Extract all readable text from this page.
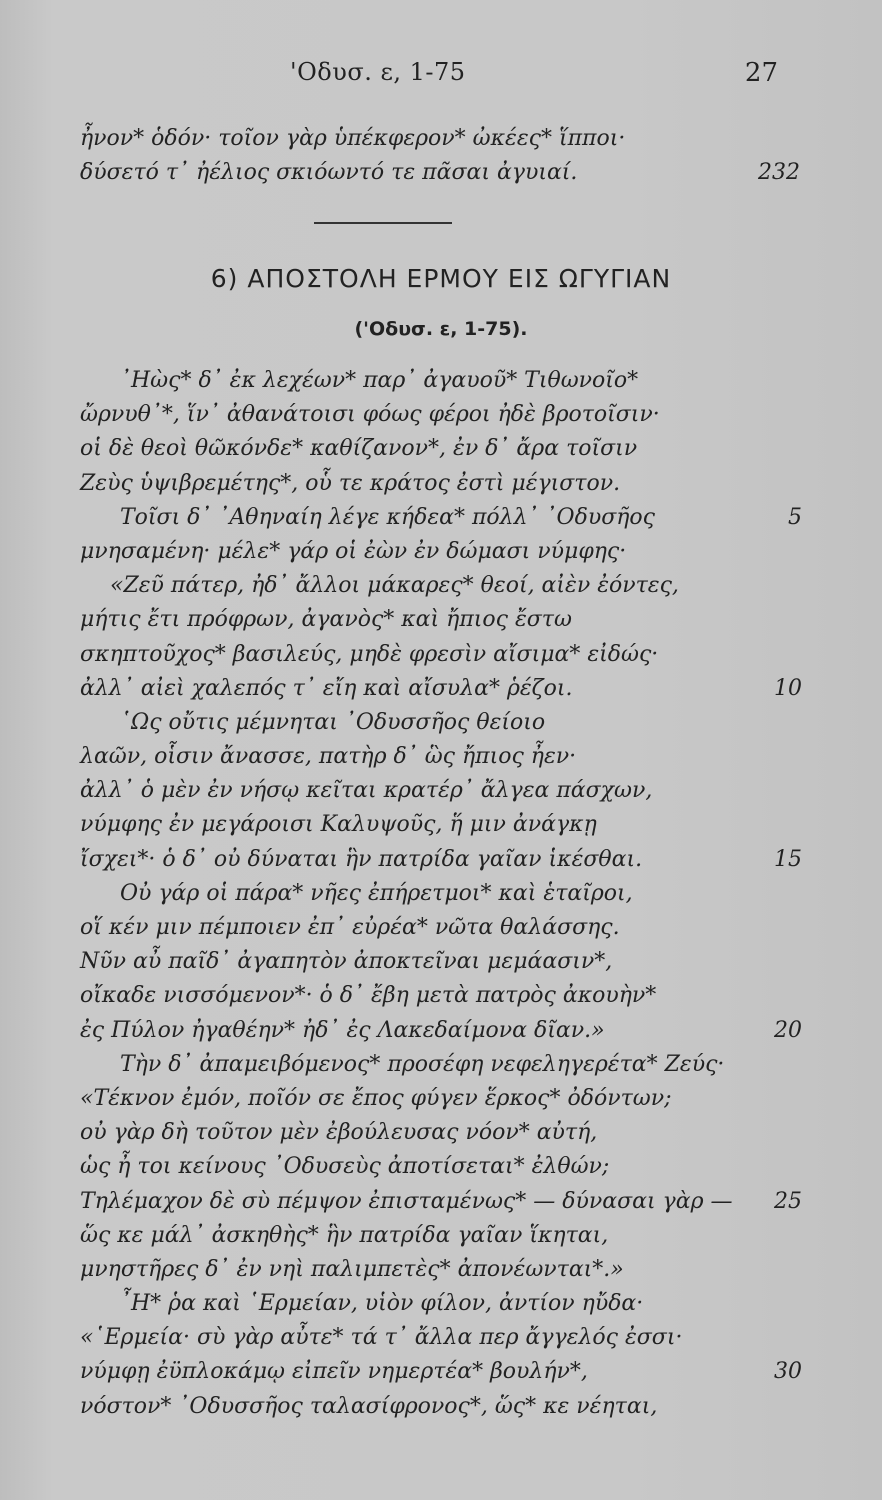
'Οδυσ. ε, 1-75	27
ἦνον* ὁδόν· τοῖον γὰρ ὑπέκφερον* ὠκέες* ἵπποι·
δύσετό τ᾿ ἠέλιος σκιόωντό τε πᾶσαι ἀγυιαί.	232
6) ΑΠΟΣΤΟΛΗ ΕΡΜΟΥ ΕΙΣ ΩΓΥΓΙΑΝ
('Οδυσ. ε, 1-75).
᾿Ηὼς* δ᾿ ἐκ λεχέων* παρ᾿ ἀγαυοῦ* Τιθωνοῖο*
ὤρνυθ᾿*, ἵν᾿ ἀθανάτοισι φόως φέροι ἠδὲ βροτοῖσιν·
οἱ δὲ θεοὶ θῶκόνδε* καθίζανον*, ἐν δ᾿ ἄρα τοῖσιν
Ζεὺς ὑψιβρεμέτης*, οὗ τε κράτος ἐστὶ μέγιστον.
Τοῖσι δ᾿ ᾿Αθηναίη λέγε κήδεα* πόλλ᾿ ᾿Οδυσῆος	5
μνησαμένη· μέλε* γάρ οἱ ἐὼν ἐν δώμασι νύμφης·
«Ζεῦ πάτερ, ἠδ᾿ ἄλλοι μάκαρες* θεοί, αἰὲν ἐόντες,
μήτις ἔτι πρόφρων, ἀγανὸς* καὶ ἤπιος ἔστω
σκηπτοῦχος* βασιλεύς, μηδὲ φρεσὶν αἴσιμα* εἰδώς·
ἀλλ᾿ αἰεὶ χαλεπός τ᾿ εἴη καὶ αἴσυλα* ῥέζοι.	10
῾Ως οὔτις μέμνηται ᾿Οδυσσῆος θείοιο
λαῶν, οἷσιν ἄνασσε, πατὴρ δ᾿ ὣς ἤπιος ἦεν·
ἀλλ᾿ ὁ μὲν ἐν νήσῳ κεῖται κρατέρ᾿ ἄλγεα πάσχων,
νύμφης ἐν μεγάροισι Καλυψοῦς, ἥ μιν ἀνάγκῃ
ἴσχει*· ὁ δ᾿ οὐ δύναται ἣν πατρίδα γαῖαν ἱκέσθαι.	15
Οὐ γάρ οἱ πάρα* νῆες ἐπήρετμοι* καὶ ἑταῖροι,
οἵ κέν μιν πέμποιεν ἐπ᾿ εὐρέα* νῶτα θαλάσσης.
Νῦν αὖ παῖδ᾿ ἀγαπητὸν ἀποκτεῖναι μεμάασιν*,
οἴκαδε νισσόμενον*· ὁ δ᾿ ἔβη μετὰ πατρὸς ἀκουὴν*
ἐς Πύλον ἠγαθέην* ἠδ᾿ ἐς Λακεδαίμονα δῖαν.»	20
Τὴν δ᾿ ἀπαμειβόμενος* προσέφη νεφεληγερέτα* Ζεύς·
«Τέκνον ἐμόν, ποῖόν σε ἔπος φύγεν ἕρκος* ὀδόντων;
οὐ γὰρ δὴ τοῦτον μὲν ἐβούλευσας νόον* αὐτή,
ὡς ἦ τοι κείνους ᾿Οδυσεὺς ἀποτίσεται* ἐλθών;
Τηλέμαχον δὲ σὺ πέμψον ἐπισταμένως* — δύνασαι γὰρ — 25
ὥς κε μάλ᾿ ἀσκηθὴς* ἣν πατρίδα γαῖαν ἵκηται,
μνηστῆρες δ᾿ ἐν νηὶ παλιμπετὲς* ἀπονέωνται*.»
῏Η* ῥα καὶ ῾Ερμείαν, υἱὸν φίλον, ἀντίον ηὔδα·
«῾Ερμεία· σὺ γὰρ αὖτε* τά τ᾿ ἄλλα περ ἄγγελός ἐσσι·
νύμφῃ ἐϋπλοκάμῳ εἰπεῖν νημερτέα* βουλήν*,	30
νόστον* ᾿Οδυσσῆος ταλασίφρονος*, ὥς* κε νέηται,
